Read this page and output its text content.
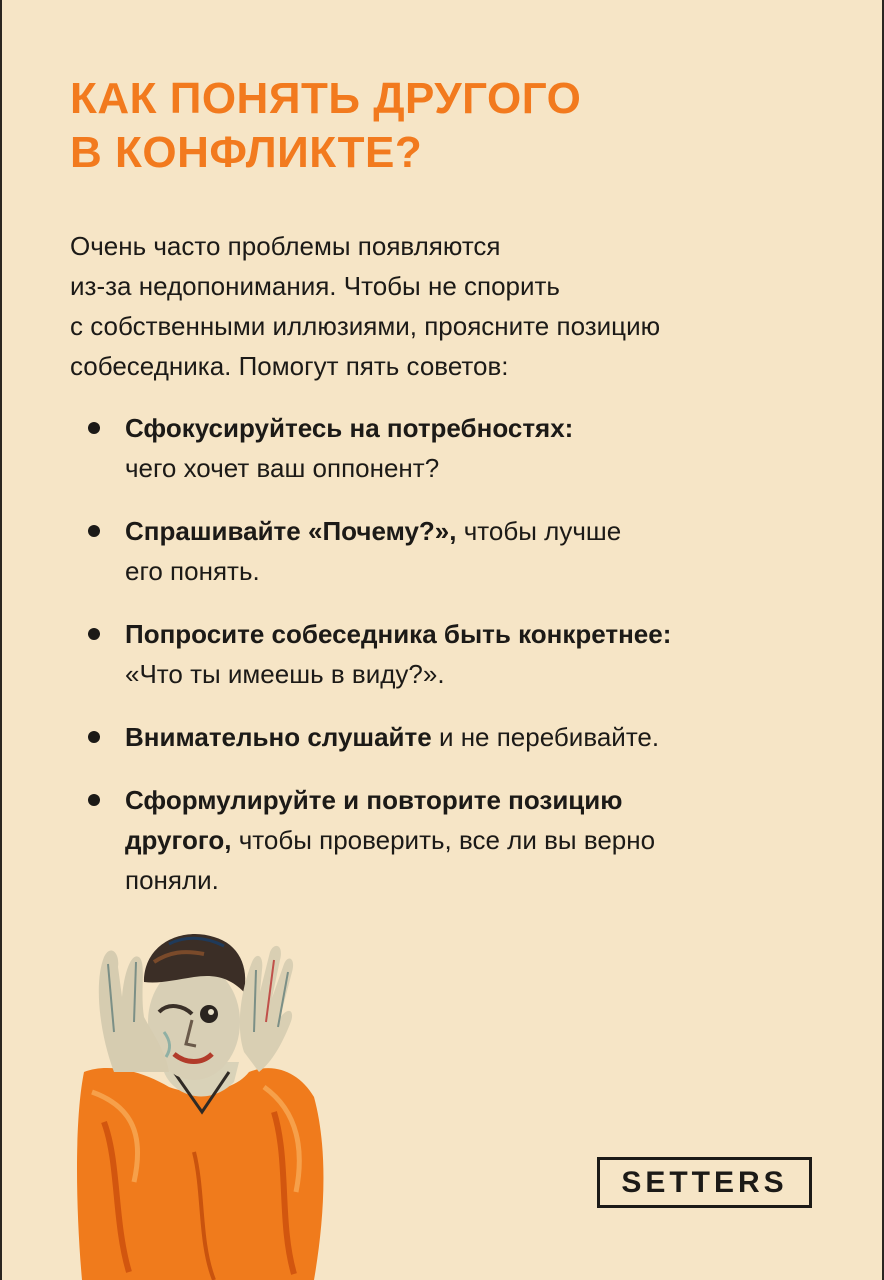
КАК ПОНЯТЬ ДРУГОГО
В КОНФЛИКТЕ?

Очень часто проблемы появляются
из-за недопонимания. Чтобы не спорить
с собственными иллюзиями, проясните позицию
собеседника. Помогут пять советов:

Сфокусируйтесь на потребностях:
чего хочет ваш оппонент?
Спрашивайте «Почему?», чтобы лучше
его понять.
Попросите собеседника быть конкретнее:
«Что ты имеешь в виду?».
Внимательно слушайте и не перебивайте.
Сформулируйте и повторите позицию
другого, чтобы проверить, все ли вы верно
поняли.
SETTERS
